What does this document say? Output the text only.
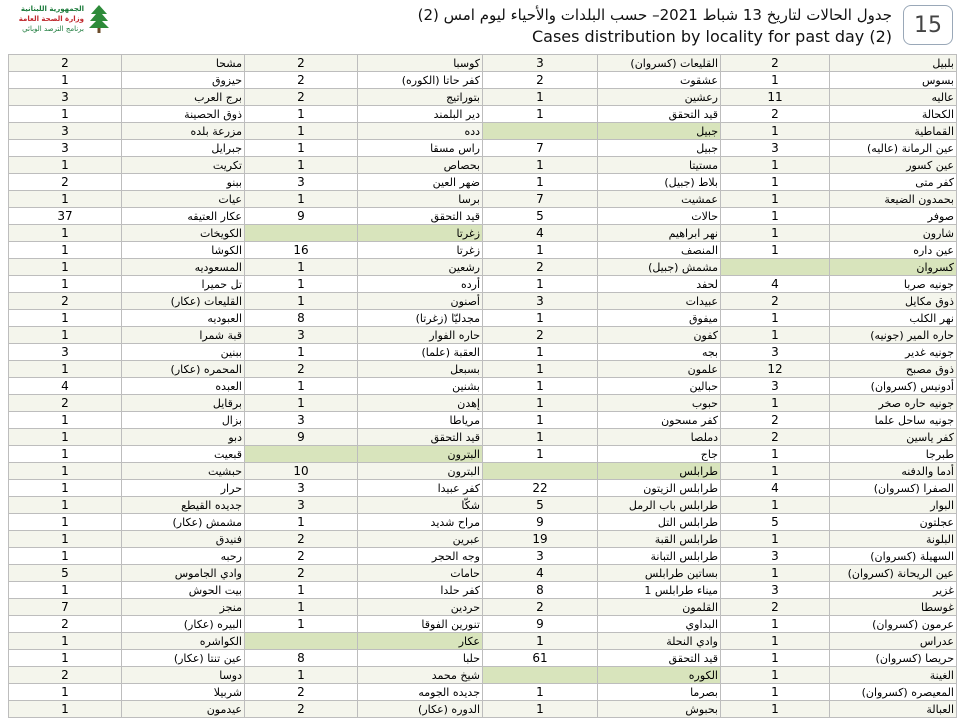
الجمهورية اللبنانية
وزارة الصحة العامة
برنامج الترصد الوبائي
جدول الحالات لتاريخ 13 شباط 2021– حسب البلدات والأحياء ليوم امس (2)
Cases distribution by locality for past day (2)	15
2	مشحا	2	كوسبا	3	القليعات (كسروان)	2	بلبيل
1	حيزوق	2	كفر حاتا (الكوره)	2	عشقوت	1	بسوس
3	برج العرب	2	بتوراتيج	1	رعشين	11	عاليه
1	ذوق الحصينة	1	دير البلمند	1	قيد التحقق	2	الكحالة
3	مزرعة بلده	1	دده		جبيل	1	القماطية
3	جبرايل	1	راس مسقا	7	جبيل	3	عين الرمانة (عاليه)
1	تكريت	1	بحصاص	1	مستيتا	1	عين كسور
2	ببنو	3	ضهر العين	1	بلاط (جبيل)	1	كفر متى
1	عيات	1	برسا	7	عمشيت	1	بحمدون الضيعة
37	عكار العتيقه	9	قيد التحقق	5	حالات	1	صوفر
1	الكويخات		زغرتا	4	نهر ابراهيم	1	شارون
1	الكوشا	16	زغرتا	1	المنصف	1	عين داره
1	المسعوديه	1	رشعين	2	مشمش (جبيل)		كسروان
1	تل حميرا	1	أرده	1	لحفد	4	جونيه صربا
2	القليعات (عكار)	1	أصنون	3	عبيدات	2	ذوق مكايل
1	العبوديه	8	مجدليّا (زغرتا)	1	ميفوق	1	نهر الكلب
1	قبة شمرا	3	حاره الفوار	2	كفون	1	حاره المير (جونيه)
3	ببنين	1	العقبة (علما)	1	بجه	3	جونيه غدير
1	المحمره (عكار)	2	بسبعل	1	علمون	12	ذوق مصبح
4	العبده	1	بشنين	1	حبالين	3	أدونيس (كسروان)
2	برقايل	1	إهدن	1	حبوب	1	جونيه حاره صخر
1	بزال	3	مرياطا	1	كفر مسحون	2	جونيه ساحل علما
1	دبو	9	قيد التحقق	1	دملصا	2	كفر ياسين
1	قبعيت		البترون	1	جاج	1	طبرجا
1	حبشيت	10	البترون		طرابلس	1	أدما والدفنه
1	حرار	3	كفر عبيدا	22	طرابلس الزيتون	4	الصفرا (كسروان)
1	جديده القيطع	3	شكّا	5	طرابلس باب الرمل	1	البوار
1	مشمش (عكار)	1	مراح شديد	9	طرابلس التل	5	عجلتون
1	فنيدق	2	عبرين	19	طرابلس القبة	1	البلونة
1	رحبه	2	وجه الحجر	3	طرابلس التبانة	3	السهيلة (كسروان)
5	وادي الجاموس	2	حامات	4	بساتين طرابلس	1	عين الريحانة (كسروان)
1	بيت الحوش	1	كفر حلدا	8	ميناء طرابلس 1	3	غزير
7	منجز	1	حردين	2	القلمون	2	غوسطا
2	البيره (عكار)	1	تنورين الفوقا	9	البداوي	1	عرمون (كسروان)
1	الكواشره		عكار	1	وادي النحلة	1	عدراس
1	عين تنتا (عكار)	8	حلبا	61	قيد التحقق	1	حريصا (كسروان)
2	دوسا	1	شيخ محمد		الكوره	1	الغينة
1	شربيلا	2	جديده الجومه	1	بصرما	1	المعيصره (كسروان)
1	عيدمون	2	الدوره (عكار)	1	بحبوش	1	العبالة
